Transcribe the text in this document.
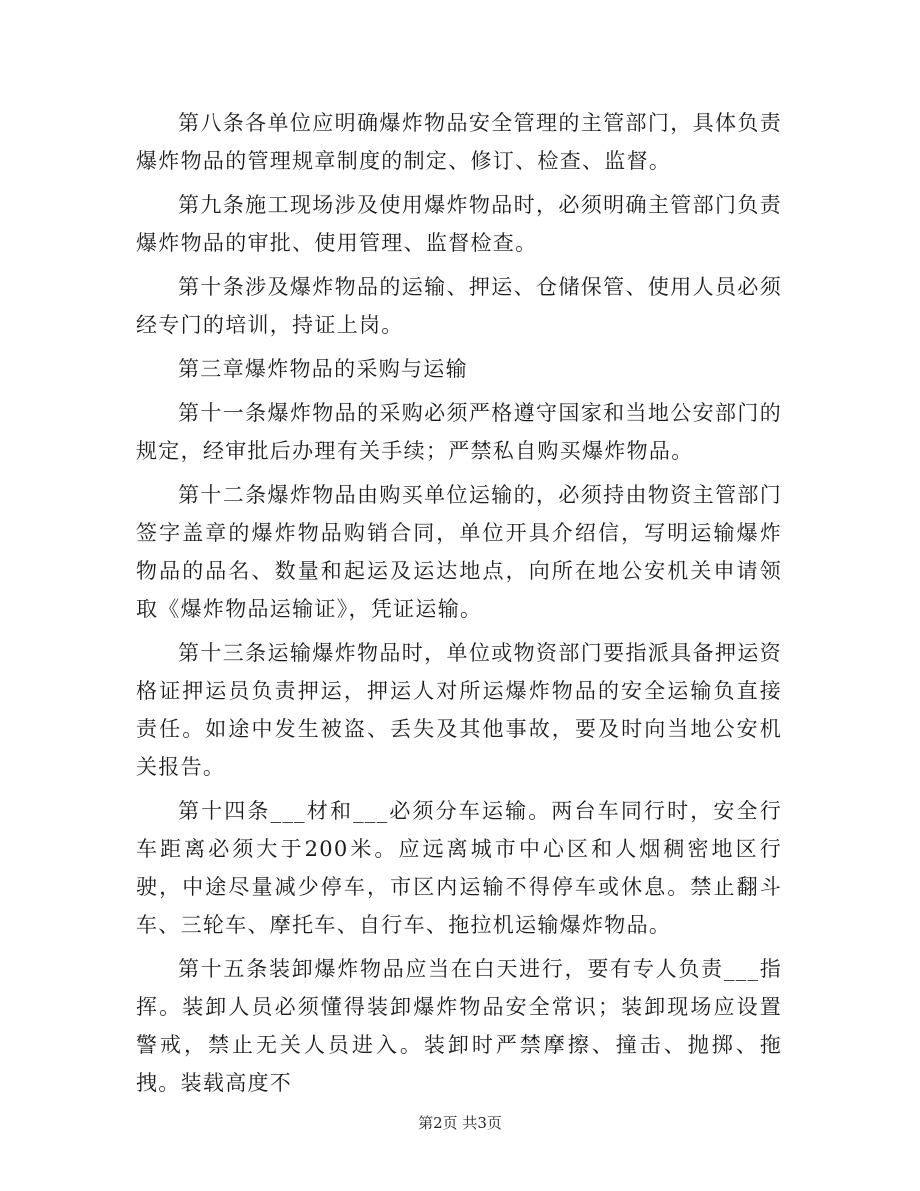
第八条各单位应明确爆炸物品安全管理的主管部门，具体负责爆炸物品的管理规章制度的制定、修订、检查、监督。

第九条施工现场涉及使用爆炸物品时，必须明确主管部门负责爆炸物品的审批、使用管理、监督检查。

第十条涉及爆炸物品的运输、押运、仓储保管、使用人员必须经专门的培训，持证上岗。

第三章爆炸物品的采购与运输

第十一条爆炸物品的采购必须严格遵守国家和当地公安部门的规定，经审批后办理有关手续；严禁私自购买爆炸物品。

第十二条爆炸物品由购买单位运输的，必须持由物资主管部门签字盖章的爆炸物品购销合同，单位开具介绍信，写明运输爆炸物品的品名、数量和起运及运达地点，向所在地公安机关申请领取《爆炸物品运输证》，凭证运输。

第十三条运输爆炸物品时，单位或物资部门要指派具备押运资格证押运员负责押运，押运人对所运爆炸物品的安全运输负直接责任。如途中发生被盗、丢失及其他事故，要及时向当地公安机关报告。

第十四条___材和___必须分车运输。两台车同行时，安全行车距离必须大于200米。应远离城市中心区和人烟稠密地区行驶，中途尽量减少停车，市区内运输不得停车或休息。禁止翻斗车、三轮车、摩托车、自行车、拖拉机运输爆炸物品。

第十五条装卸爆炸物品应当在白天进行，要有专人负责___指挥。装卸人员必须懂得装卸爆炸物品安全常识；装卸现场应设置警戒，禁止无关人员进入。装卸时严禁摩擦、撞击、抛掷、拖拽。装载高度不

第2页 共3页
